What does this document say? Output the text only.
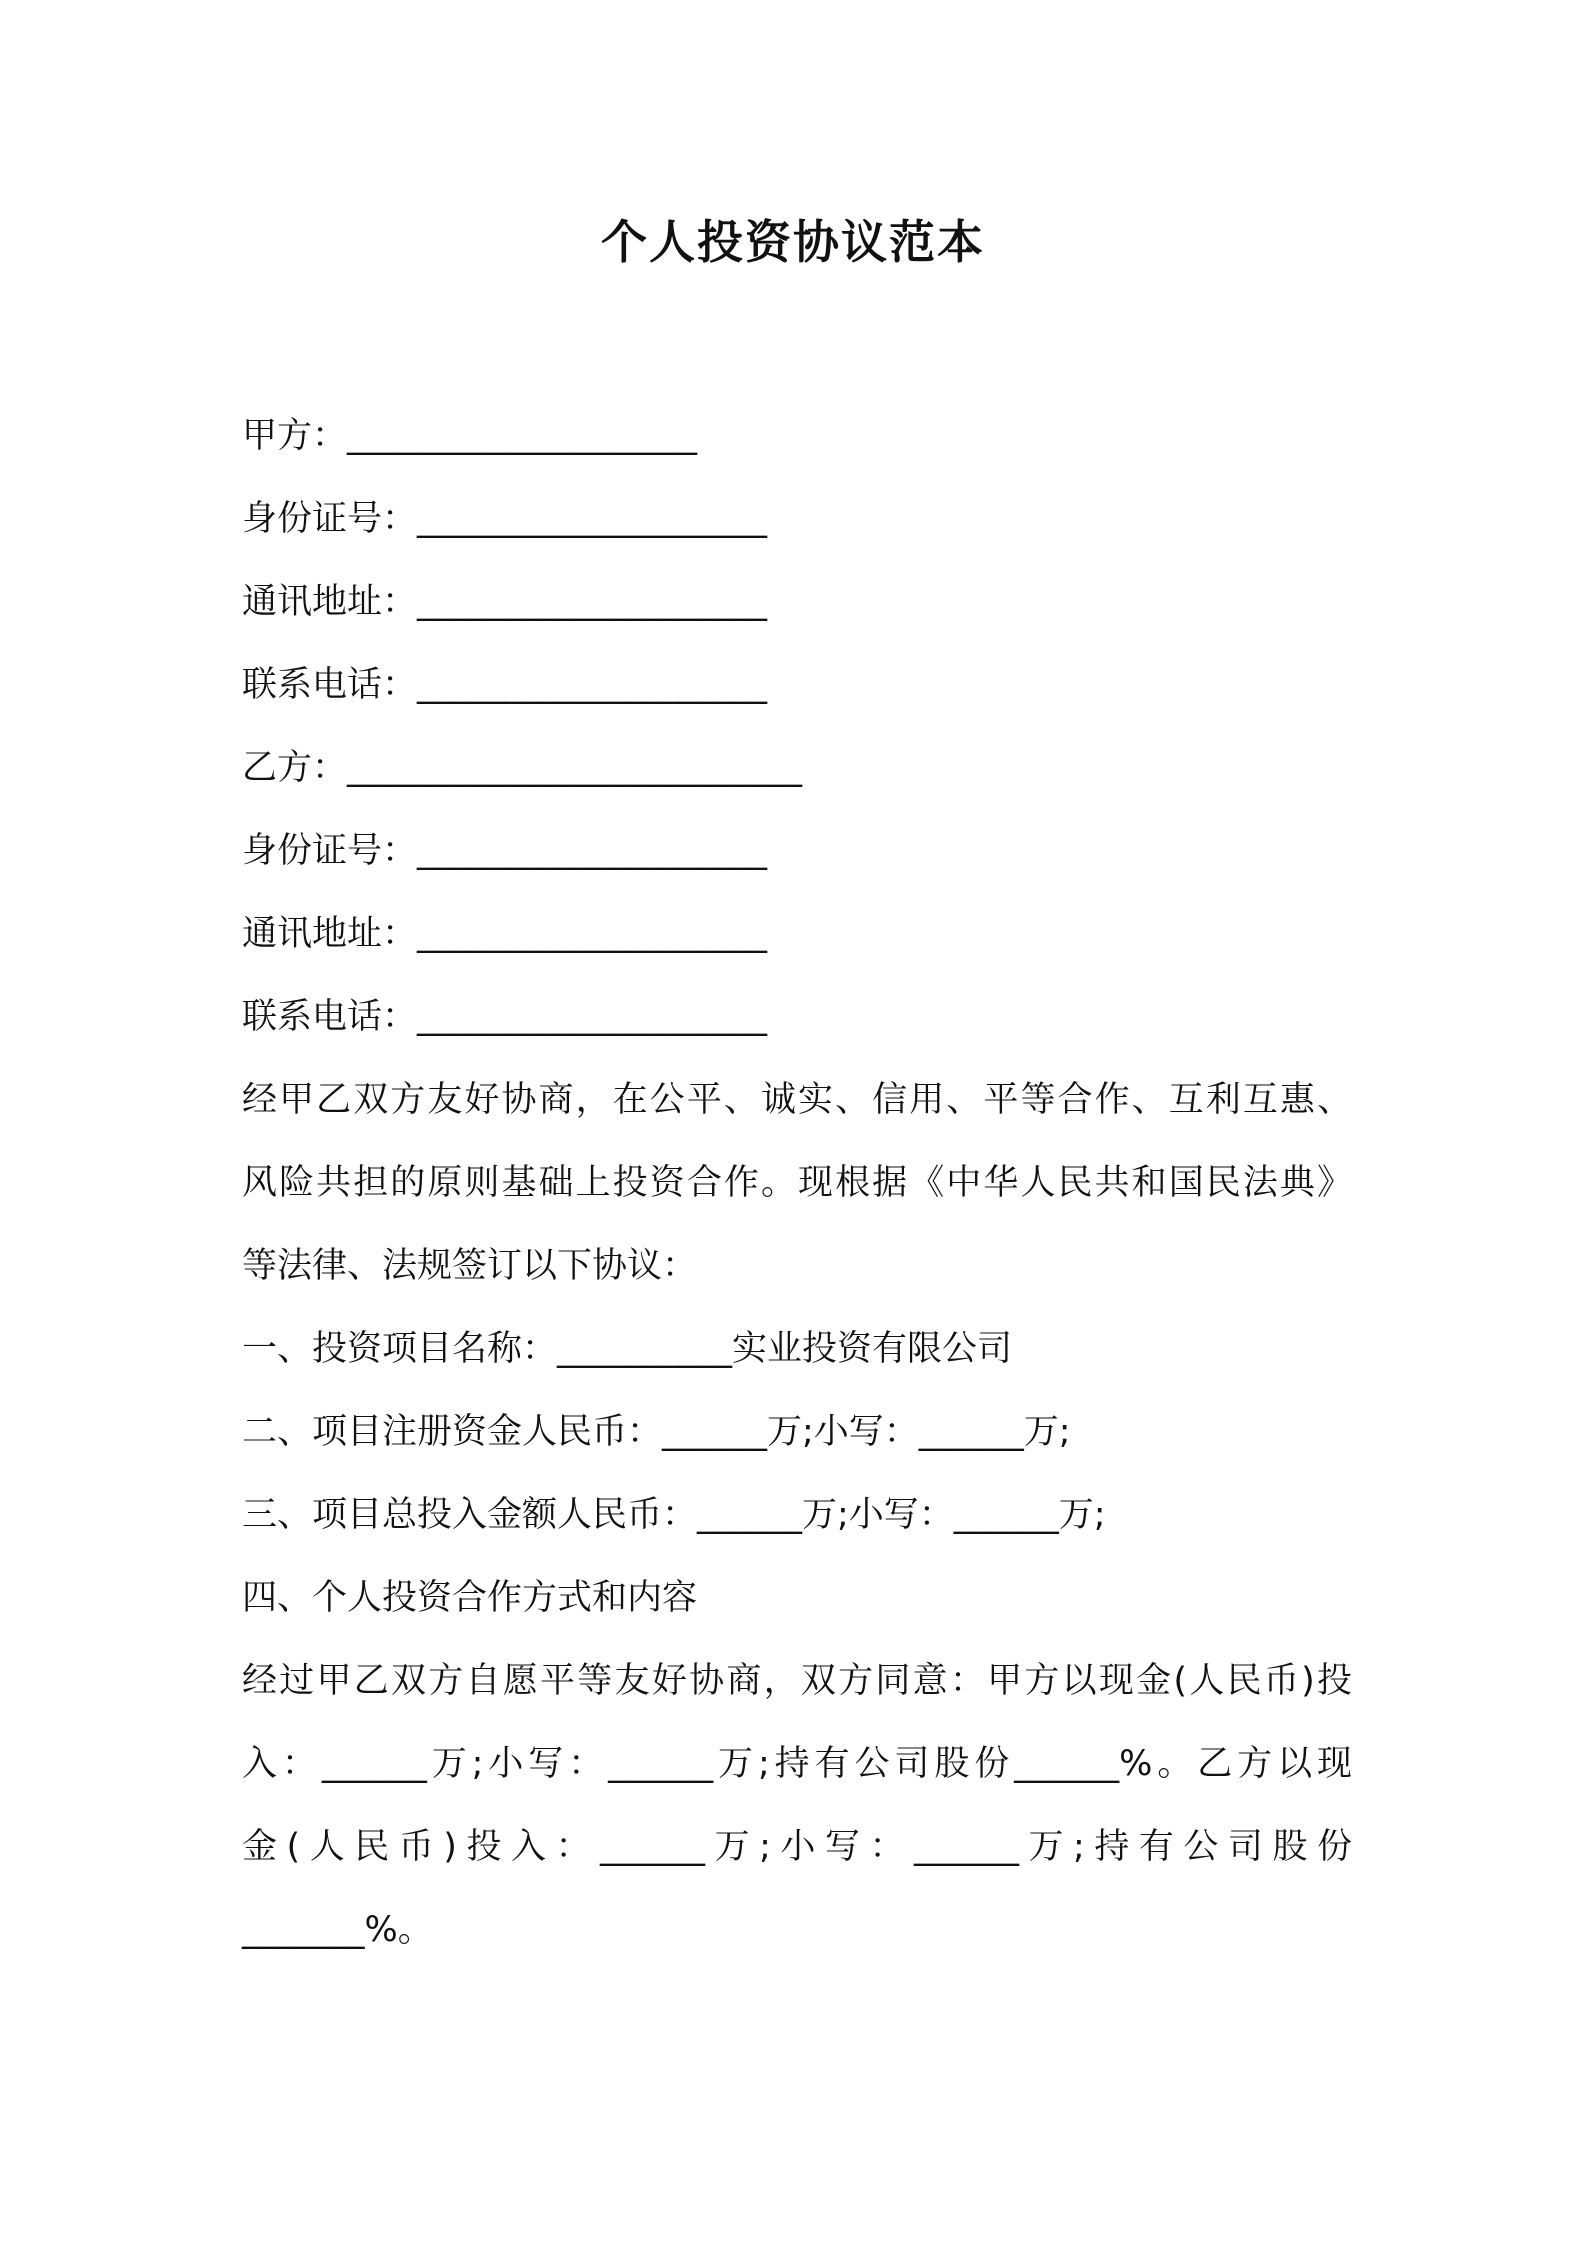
个人投资协议范本

甲方：____________________

身份证号：____________________

通讯地址：____________________

联系电话：____________________

乙方：__________________________

身份证号：____________________

通讯地址：____________________

联系电话：____________________

经甲乙双方友好协商，在公平、诚实、信用、平等合作、互利互惠、

风险共担的原则基础上投资合作。现根据《中华人民共和国民法典》

等法律、法规签订以下协议：

一、投资项目名称：__________实业投资有限公司

二、项目注册资金人民币：______万;小写：______万;

三、项目总投入金额人民币：______万;小写：______万;

四、个人投资合作方式和内容

经过甲乙双方自愿平等友好协商，双方同意：甲方以现金(人民币)投

入：______万;小写：______万;持有公司股份______%。乙方以现

金(人民币)投入：______万;小写：______万;持有公司股份

_______%。
